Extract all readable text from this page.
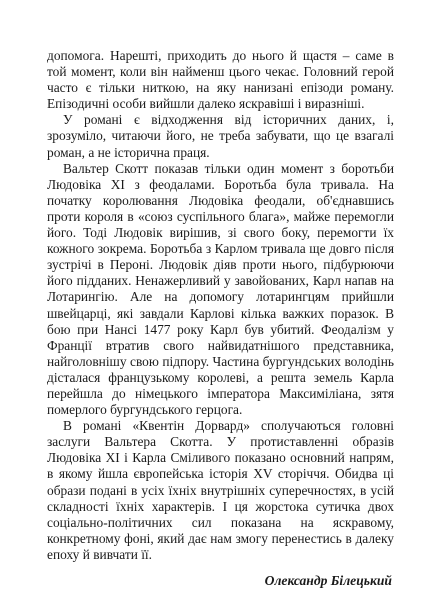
допомога. Нарешті, приходить до нього й щастя – саме в той момент, коли він найменш цього чекає. Головний герой часто є тільки ниткою, на яку нанизані епізоди роману. Епізодичні особи вийшли далеко яскравіші і виразніші.

У романі є відходження від історичних даних, і, зрозуміло, читаючи його, не треба забувати, що це взагалі роман, а не історична праця.

Вальтер Скотт показав тільки один момент з боротьби Людовіка XI з феодалами. Боротьба була тривала. На початку королювання Людовіка феодали, об'єднавшись проти короля в «союз суспільного блага», майже перемогли його. Тоді Людовік вирішив, зі свого боку, перемогти їх кожного зокрема. Боротьба з Карлом тривала ще довго після зустрічі в Пероні. Людовік діяв проти нього, підбурюючи його підданих. Ненажерливий у завойованих, Карл напав на Лотарингію. Але на допомогу лотарингцям прийшли швейцарці, які завдали Карлові кілька важких поразок. В бою при Нансі 1477 року Карл був убитий. Феодалізм у Франції втратив свого найвидатнішого представника, найголовнішу свою підпору. Частина бургундських володінь дісталася французькому королеві, а решта земель Карла перейшла до німецького імператора Максиміліана, зятя померлого бургундського герцога.

В романі «Квентін Дорвард» сполучаються головні заслуги Вальтера Скотта. У протиставленні образів Людовіка XI і Карла Сміливого показано основний напрям, в якому йшла європейська історія XV сторіччя. Обидва ці образи подані в усіх їхніх внутрішніх суперечностях, в усій складності їхніх характерів. І ця жорстока сутичка двох соціально-політичних сил показана на яскравому, конкретному фоні, який дає нам змогу перенестись в далеку епоху й вивчати її.

Олександр Білецький
